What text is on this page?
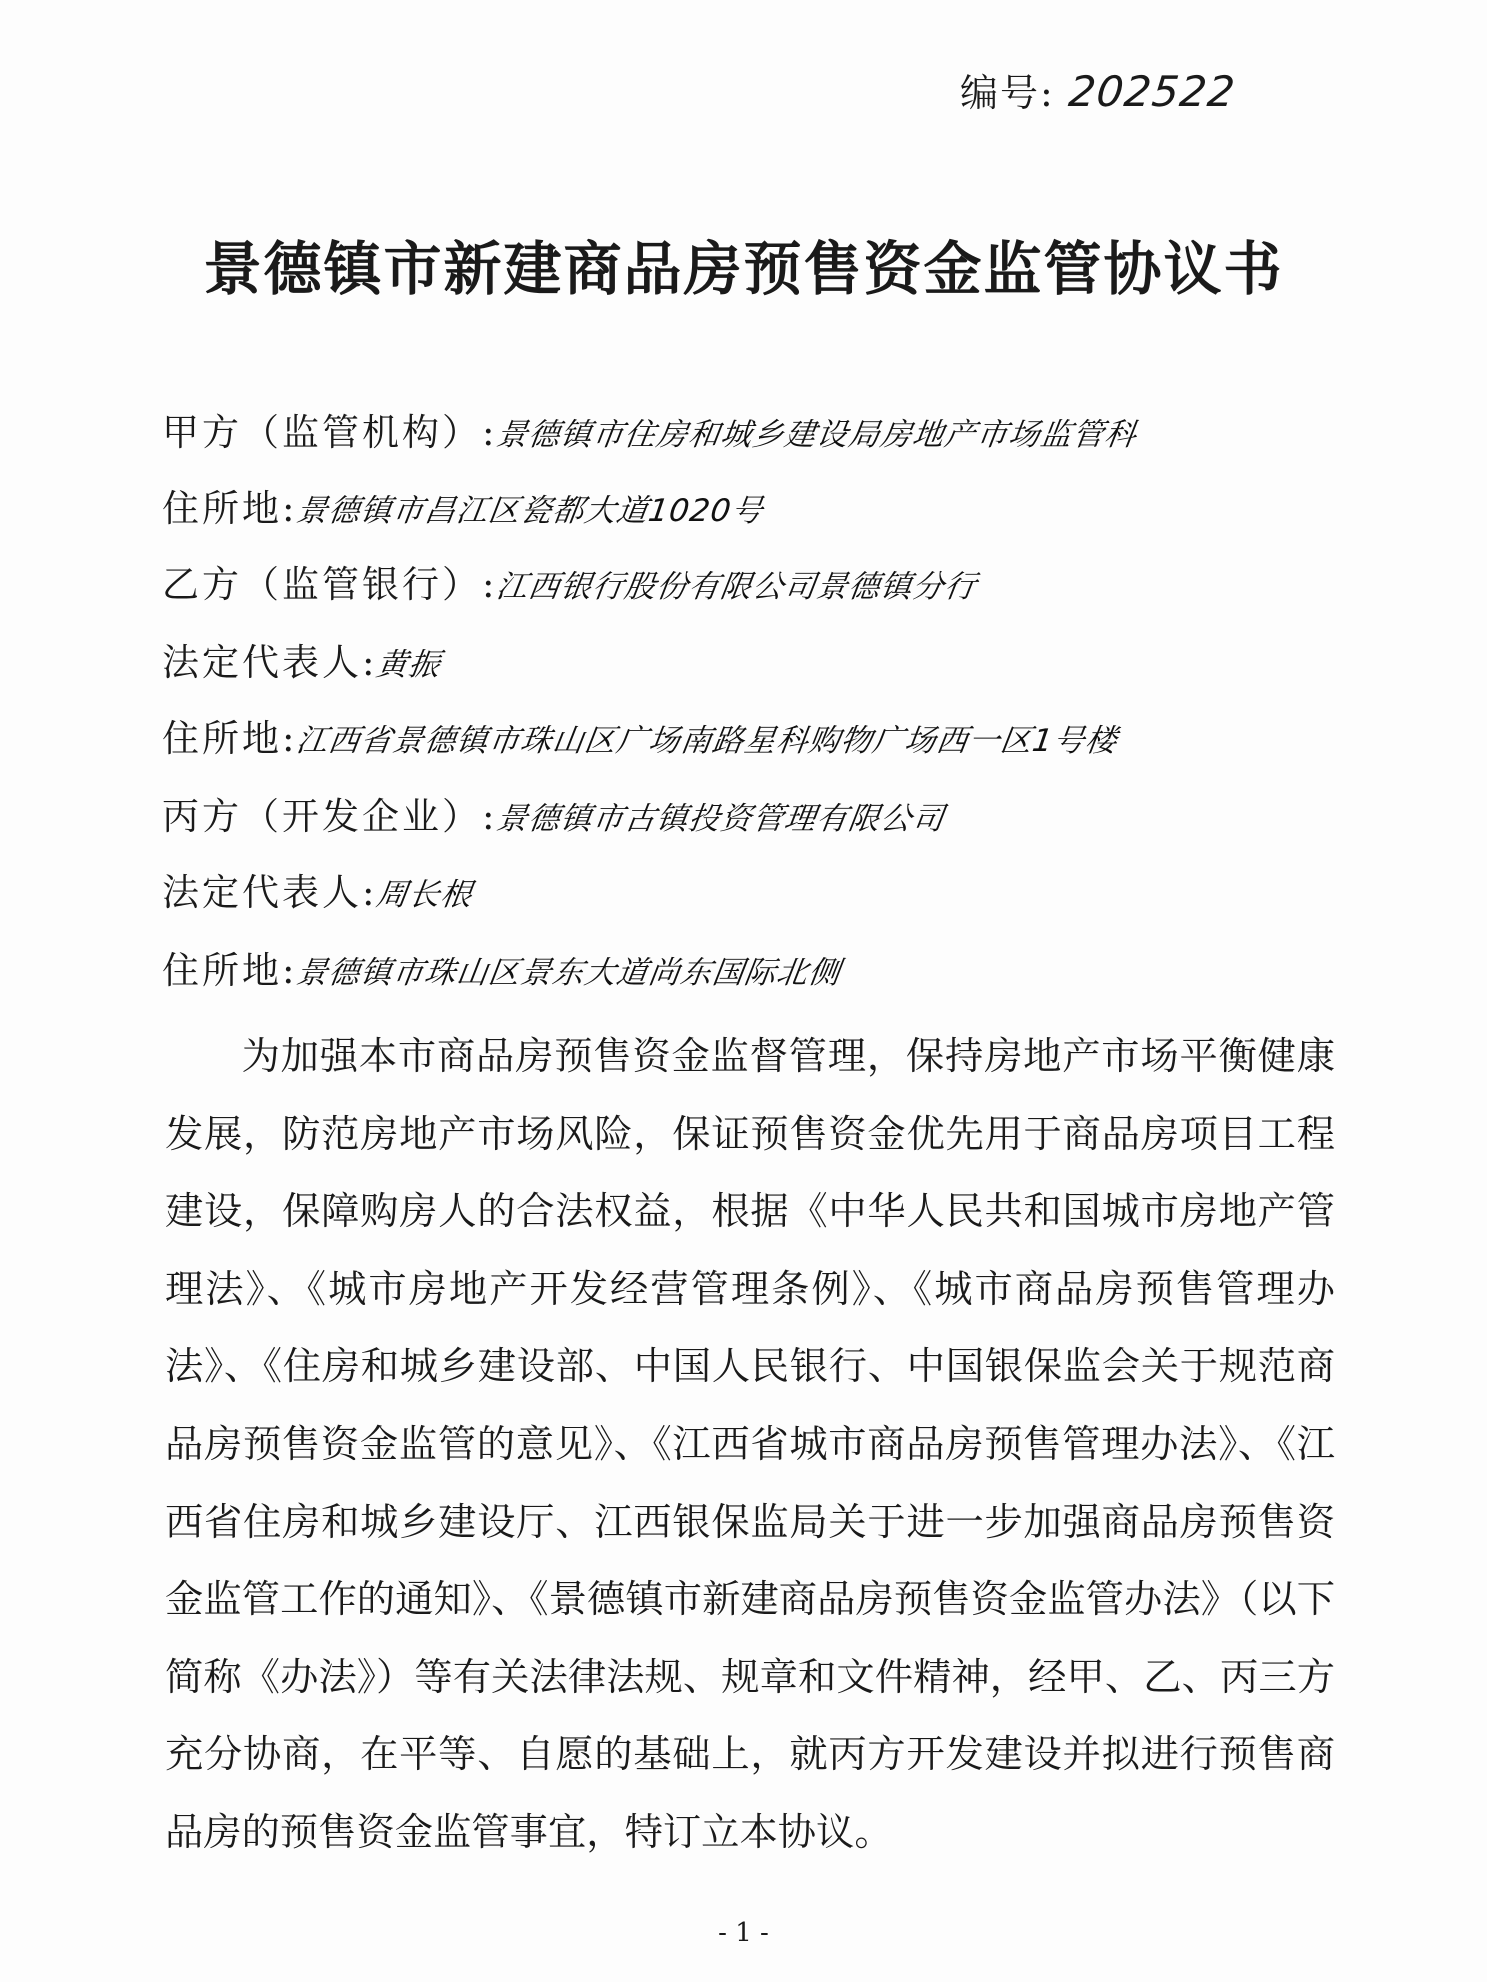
编号: 202522
景德镇市新建商品房预售资金监管协议书
甲方（监管机构）:景德镇市住房和城乡建设局房地产市场监管科
住所地:景德镇市昌江区瓷都大道1020号
乙方（监管银行）:江西银行股份有限公司景德镇分行
法定代表人:黄振
住所地:江西省景德镇市珠山区广场南路星科购物广场西一区1号楼
丙方（开发企业）:景德镇市古镇投资管理有限公司
法定代表人:周长根
住所地:景德镇市珠山区景东大道尚东国际北侧
为加强本市商品房预售资金监督管理，保持房地产市场平衡健康发展，防范房地产市场风险，保证预售资金优先用于商品房项目工程建设，保障购房人的合法权益，根据《中华人民共和国城市房地产管理法》、《城市房地产开发经营管理条例》、《城市商品房预售管理办法》、《住房和城乡建设部、中国人民银行、中国银保监会关于规范商品房预售资金监管的意见》、《江西省城市商品房预售管理办法》、《江西省住房和城乡建设厅、江西银保监局关于进一步加强商品房预售资金监管工作的通知》、《景德镇市新建商品房预售资金监管办法》（以下简称《办法》）等有关法律法规、规章和文件精神，经甲、乙、丙三方充分协商，在平等、自愿的基础上，就丙方开发建设并拟进行预售商品房的预售资金监管事宜，特订立本协议。
- 1 -
